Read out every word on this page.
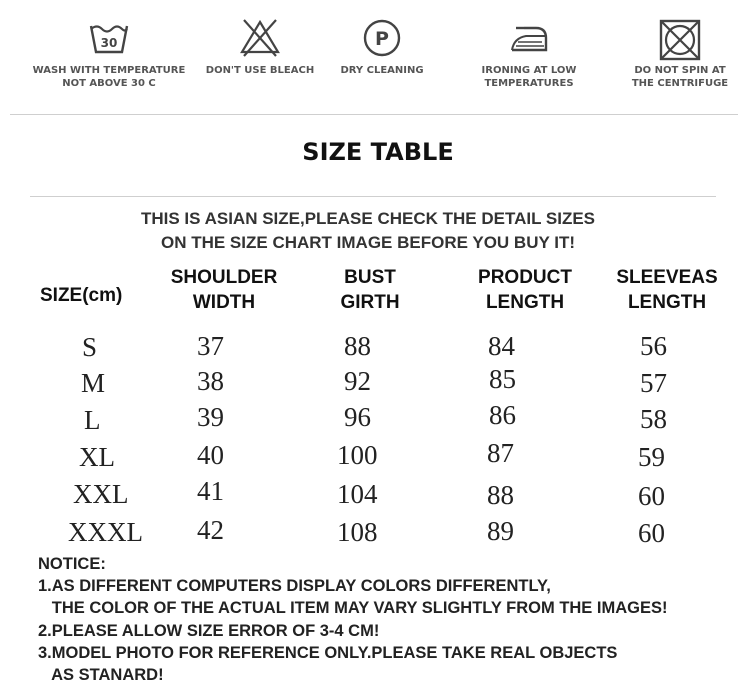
30
WASH WITH TEMPERATURE
NOT ABOVE 30 C
DON'T USE BLEACH
P
DRY CLEANING	IRONING AT LOW
TEMPERATURES
DO NOT SPIN AT
THE CENTRIFUGE
SIZE TABLE
THIS IS ASIAN SIZE,PLEASE CHECK THE DETAIL SIZES
ON THE SIZE CHART IMAGE BEFORE YOU BUY IT!
SIZE(cm)
SHOULDER
WIDTH
BUST
GIRTH
PRODUCT
LENGTH
SLEEVEAS
LENGTH
S	37	88	84	56
M	38	92	85	57
L	39	96	86	58
XL	40	100	87	59
XXL	41	104	88	60
XXXL 42	108	89	60
NOTICE:
1.AS DIFFERENT COMPUTERS DISPLAY COLORS DIFFERENTLY,
THE COLOR OF THE ACTUAL ITEM MAY VARY SLIGHTLY FROM THE IMAGES!
2.PLEASE ALLOW SIZE ERROR OF 3-4 CM!
3.MODEL PHOTO FOR REFERENCE ONLY.PLEASE TAKE REAL OBJECTS
AS STANARD!
